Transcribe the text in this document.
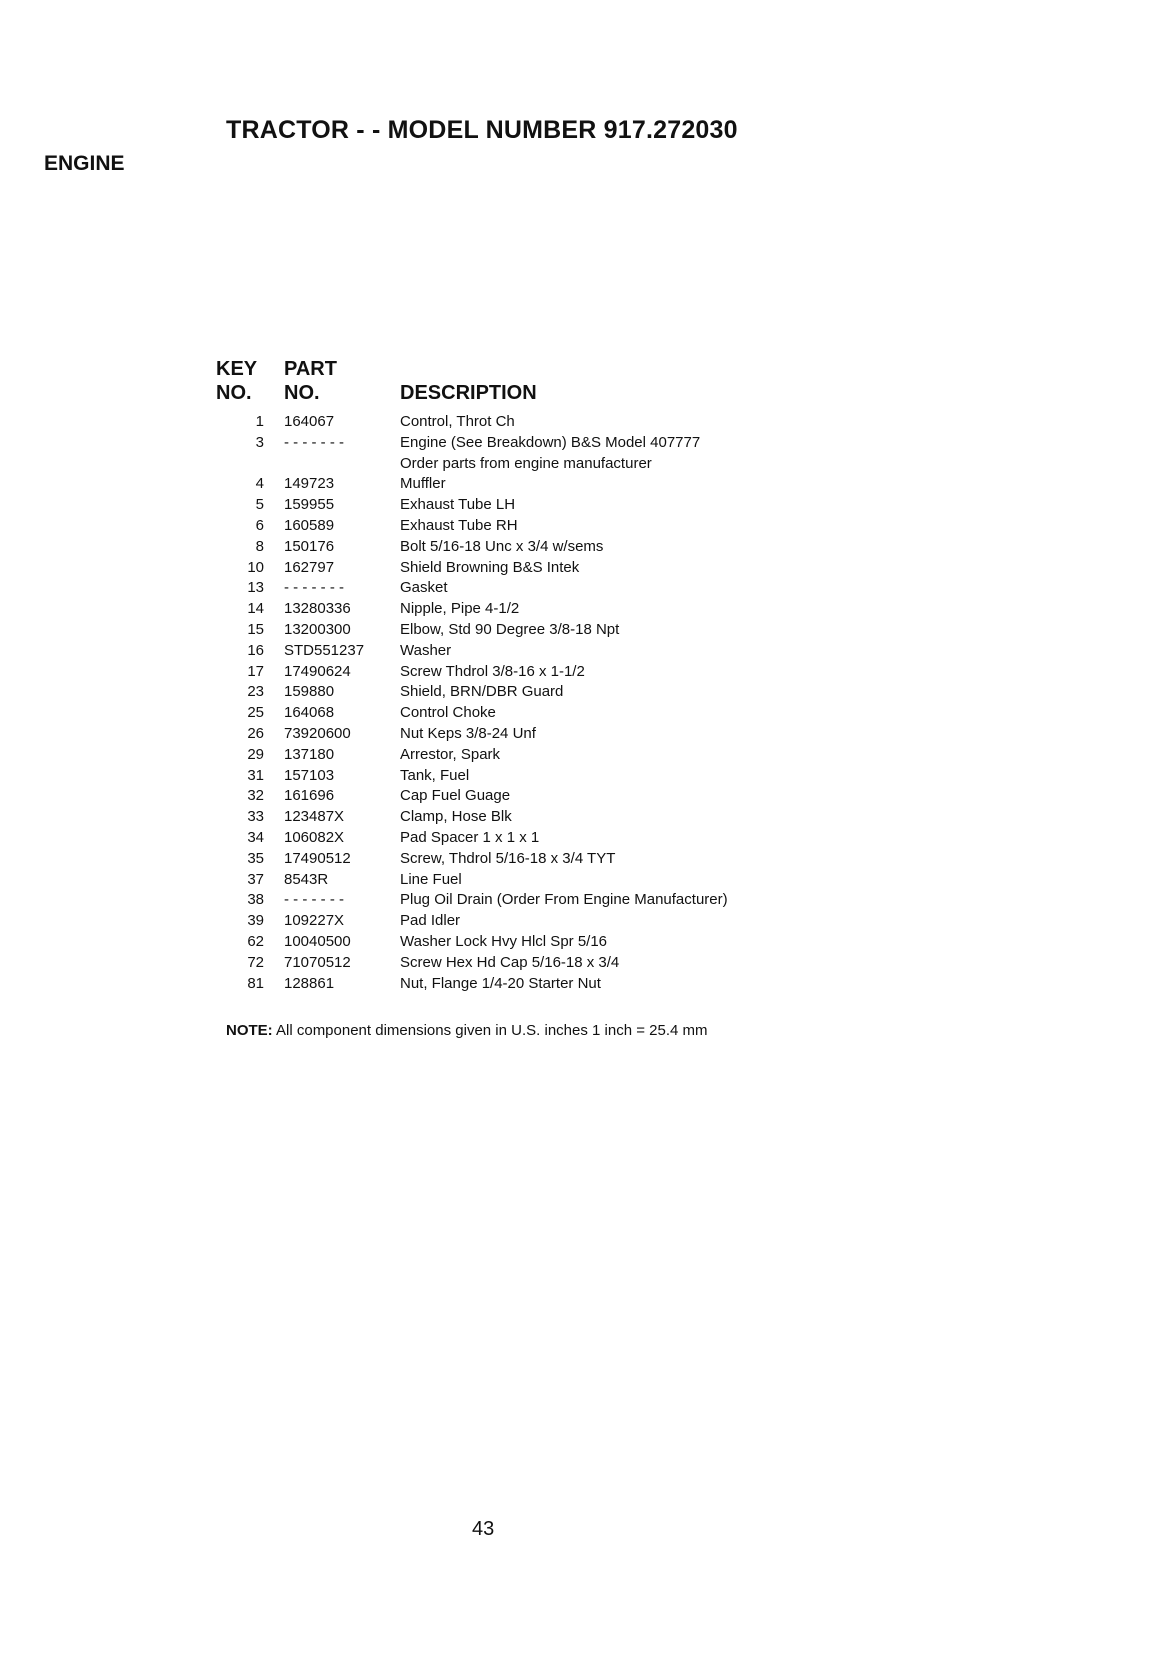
TRACTOR - - MODEL NUMBER 917.272030
ENGINE
KEY
NO.
PART
NO.	DESCRIPTION
1 164067	Control, Throt Ch
3 - - - - - - -	Engine (See Breakdown) B&S Model 407777
Order parts from engine manufacturer
4 149723	Muffler
5 159955	Exhaust Tube LH
6 160589	Exhaust Tube RH
8 150176	Bolt 5/16-18 Unc x 3/4 w/sems
10 162797	Shield Browning B&S Intek
13 - - - - - - -	Gasket
14 13280336	Nipple, Pipe 4-1/2
15 13200300	Elbow, Std 90 Degree 3/8-18 Npt
16 STD551237 Washer
17 17490624	Screw Thdrol 3/8-16 x 1-1/2
23 159880	Shield, BRN/DBR Guard
25 164068	Control Choke
26 73920600	Nut Keps 3/8-24 Unf
29 137180	Arrestor, Spark
31 157103	Tank, Fuel
32 161696	Cap Fuel Guage
33 123487X	Clamp, Hose Blk
34 106082X	Pad Spacer 1 x 1 x 1
35 17490512	Screw, Thdrol 5/16-18 x 3/4 TYT
37 8543R	Line Fuel
38 - - - - - - -	Plug Oil Drain (Order From Engine Manufacturer)
39 109227X	Pad Idler
62 10040500	Washer Lock Hvy Hlcl Spr 5/16
72 71070512	Screw Hex Hd Cap 5/16-18 x 3/4
81 128861	Nut, Flange 1/4-20 Starter Nut
NOTE: All component dimensions given in U.S. inches 1 inch = 25.4 mm
43
